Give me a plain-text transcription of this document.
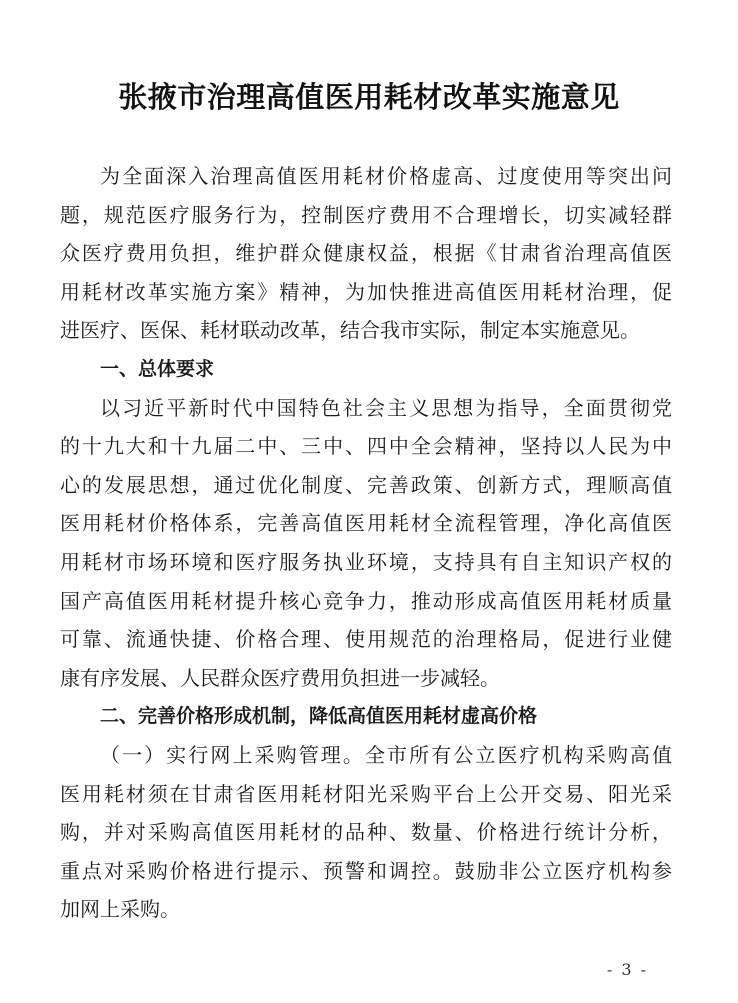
张掖市治理高值医用耗材改革实施意见
为全面深入治理高值医用耗材价格虚高、过度使用等突出问
题，规范医疗服务行为，控制医疗费用不合理增长，切实减轻群
众医疗费用负担，维护群众健康权益，根据《甘肃省治理高值医
用耗材改革实施方案》精神，为加快推进高值医用耗材治理，促
进医疗、医保、耗材联动改革，结合我市实际，制定本实施意见。
一、总体要求
以习近平新时代中国特色社会主义思想为指导，全面贯彻党
的十九大和十九届二中、三中、四中全会精神，坚持以人民为中
心的发展思想，通过优化制度、完善政策、创新方式，理顺高值
医用耗材价格体系，完善高值医用耗材全流程管理，净化高值医
用耗材市场环境和医疗服务执业环境，支持具有自主知识产权的
国产高值医用耗材提升核心竞争力，推动形成高值医用耗材质量
可靠、流通快捷、价格合理、使用规范的治理格局，促进行业健
康有序发展、人民群众医疗费用负担进一步减轻。
二、完善价格形成机制，降低高值医用耗材虚高价格
（一）实行网上采购管理。全市所有公立医疗机构采购高值
医用耗材须在甘肃省医用耗材阳光采购平台上公开交易、阳光采
购，并对采购高值医用耗材的品种、数量、价格进行统计分析，
重点对采购价格进行提示、预警和调控。鼓励非公立医疗机构参
加网上采购。
- 3 -
